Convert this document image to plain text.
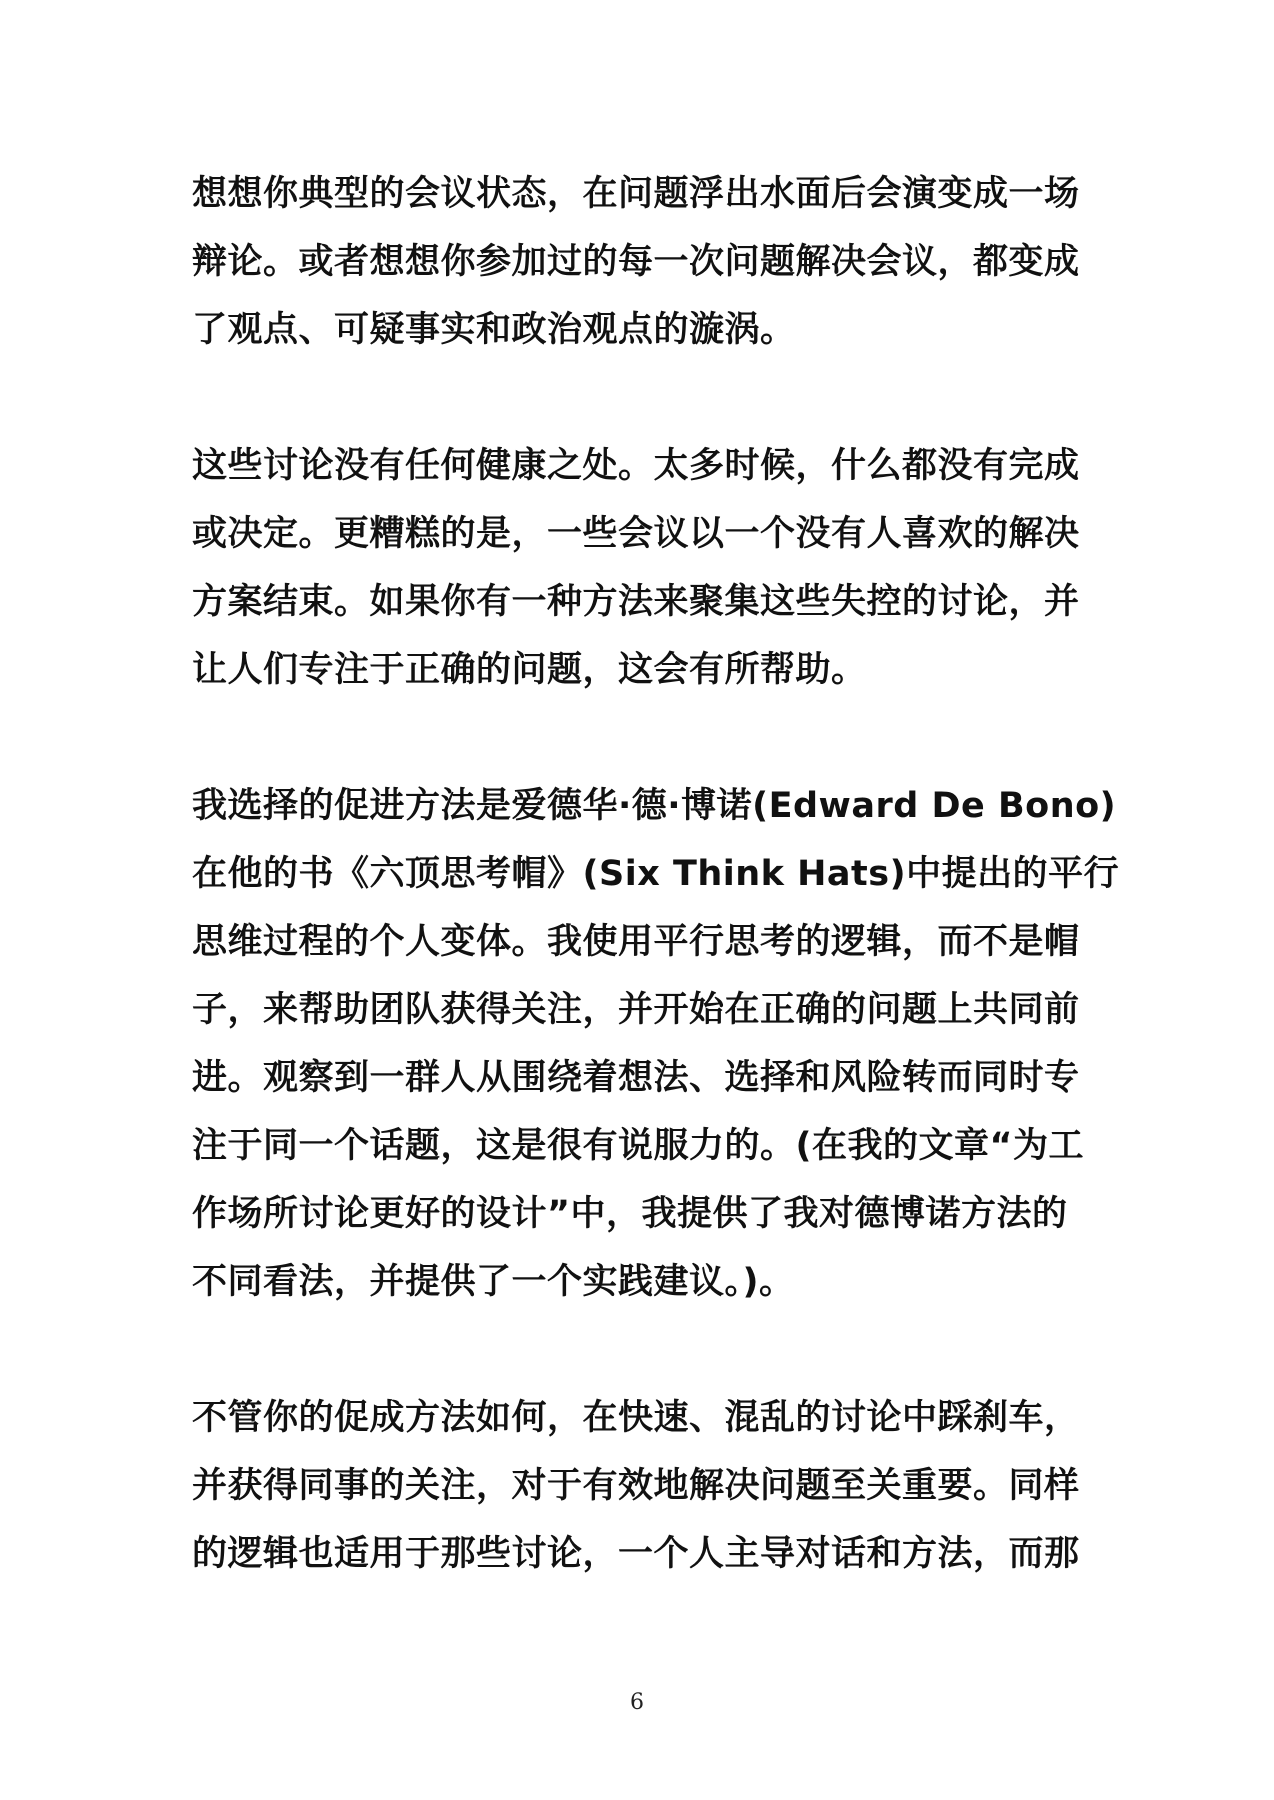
想想你典型的会议状态，在问题浮出水面后会演变成一场
辩论。或者想想你参加过的每一次问题解决会议，都变成
了观点、可疑事实和政治观点的漩涡。

这些讨论没有任何健康之处。太多时候，什么都没有完成
或决定。更糟糕的是，一些会议以一个没有人喜欢的解决
方案结束。如果你有一种方法来聚集这些失控的讨论，并
让人们专注于正确的问题，这会有所帮助。

我选择的促进方法是爱德华·德·博诺(Edward De Bono)
在他的书《六顶思考帽》(Six Think Hats)中提出的平行
思维过程的个人变体。我使用平行思考的逻辑，而不是帽
子，来帮助团队获得关注，并开始在正确的问题上共同前
进。观察到一群人从围绕着想法、选择和风险转而同时专
注于同一个话题，这是很有说服力的。(在我的文章“为工
作场所讨论更好的设计”中，我提供了我对德博诺方法的
不同看法，并提供了一个实践建议。)。

不管你的促成方法如何，在快速、混乱的讨论中踩刹车，
并获得同事的关注，对于有效地解决问题至关重要。同样
的逻辑也适用于那些讨论，一个人主导对话和方法，而那

6
